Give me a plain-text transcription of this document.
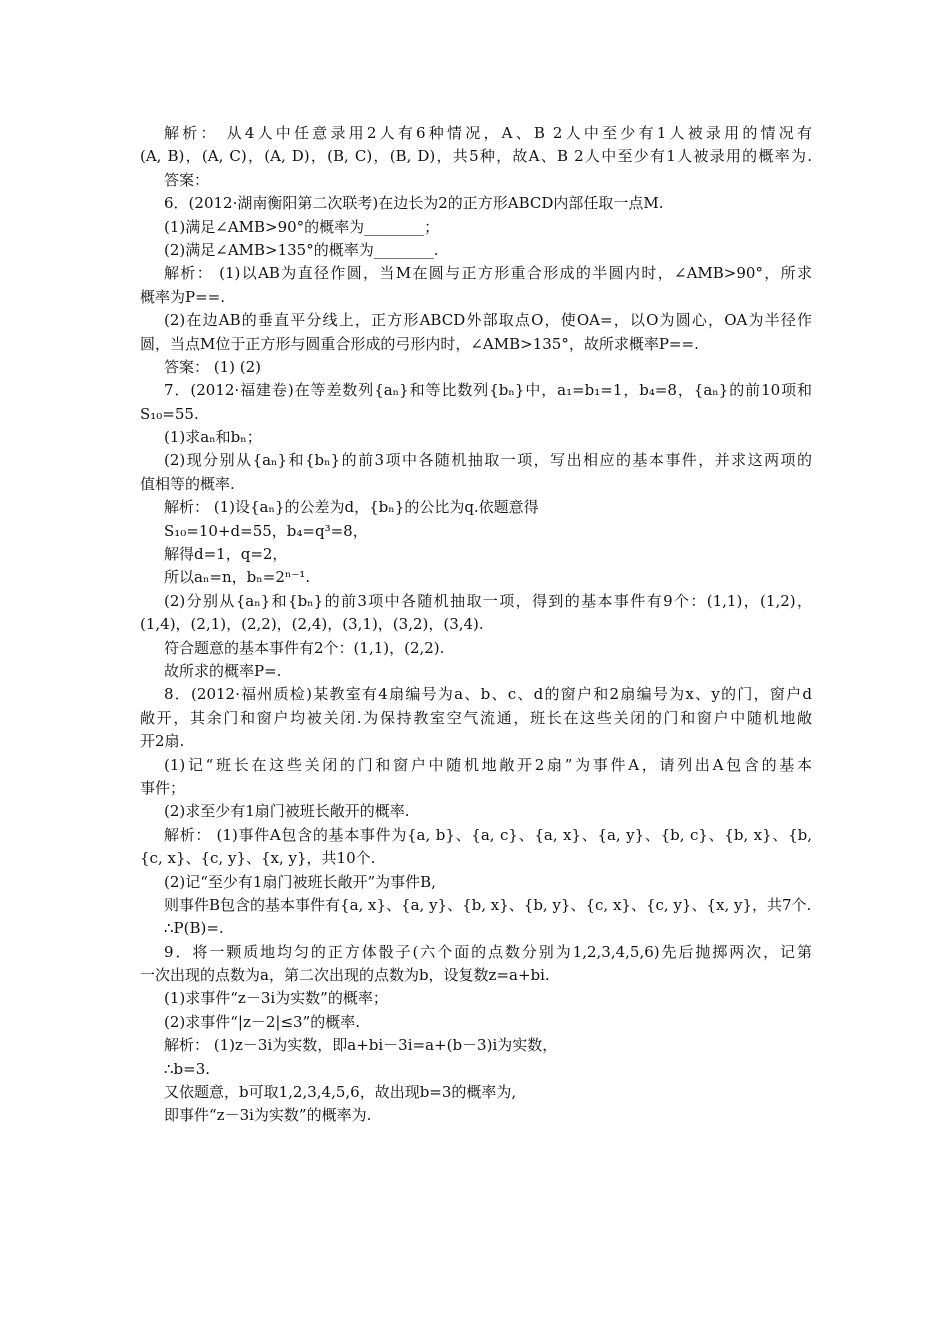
解析： 从4人中任意录用2人有6种情况，A、B 2人中至少有1人被录用的情况有
(A, B)，(A, C)，(A, D)，(B, C)，(B, D)，共5种，故A、B 2人中至少有1人被录用的概率为.
答案：
6．(2012·湖南衡阳第二次联考)在边长为2的正方形ABCD内部任取一点M.
(1)满足∠AMB>90°的概率为________；
(2)满足∠AMB>135°的概率为________.
解析： (1)以AB为直径作圆，当M在圆与正方形重合形成的半圆内时，∠AMB>90°，所求
概率为P==.
(2)在边AB的垂直平分线上，正方形ABCD外部取点O，使OA=，以O为圆心，OA为半径作
圆，当点M位于正方形与圆重合形成的弓形内时，∠AMB>135°，故所求概率P==.
答案： (1) (2)
7．(2012·福建卷)在等差数列{aₙ}和等比数列{bₙ}中，a₁=b₁=1，b₄=8，{aₙ}的前10项和
S₁₀=55.
(1)求aₙ和bₙ；
(2)现分别从{aₙ}和{bₙ}的前3项中各随机抽取一项，写出相应的基本事件，并求这两项的
值相等的概率.
解析： (1)设{aₙ}的公差为d，{bₙ}的公比为q.依题意得
S₁₀=10+d=55，b₄=q³=8，
解得d=1，q=2，
所以aₙ=n，bₙ=2ⁿ⁻¹.
(2)分别从{aₙ}和{bₙ}的前3项中各随机抽取一项，得到的基本事件有9个：(1,1)，(1,2)，
(1,4)，(2,1)，(2,2)，(2,4)，(3,1)，(3,2)，(3,4).
符合题意的基本事件有2个：(1,1)，(2,2).
故所求的概率P=.
8．(2012·福州质检)某教室有4扇编号为a、b、c、d的窗户和2扇编号为x、y的门，窗户d
敞开，其余门和窗户均被关闭.为保持教室空气流通，班长在这些关闭的门和窗户中随机地敞
开2扇.
(1)记“班长在这些关闭的门和窗户中随机地敞开2扇”为事件A，请列出A包含的基本
事件；
(2)求至少有1扇门被班长敞开的概率.
解析： (1)事件A包含的基本事件为{a, b}、{a, c}、{a, x}、{a, y}、{b, c}、{b, x}、{b,
{c, x}、{c, y}、{x, y}，共10个.
(2)记“至少有1扇门被班长敞开”为事件B,
则事件B包含的基本事件有{a, x}、{a, y}、{b, x}、{b, y}、{c, x}、{c, y}、{x, y}，共7个.
∴P(B)=.
9．将一颗质地均匀的正方体骰子(六个面的点数分别为1,2,3,4,5,6)先后抛掷两次，记第
一次出现的点数为a，第二次出现的点数为b，设复数z=a+bi.
(1)求事件“z－3i为实数”的概率；
(2)求事件“|z－2|≤3”的概率.
解析： (1)z－3i为实数，即a+bi－3i=a+(b－3)i为实数，
∴b=3.
又依题意，b可取1,2,3,4,5,6，故出现b=3的概率为,
即事件“z－3i为实数”的概率为.
